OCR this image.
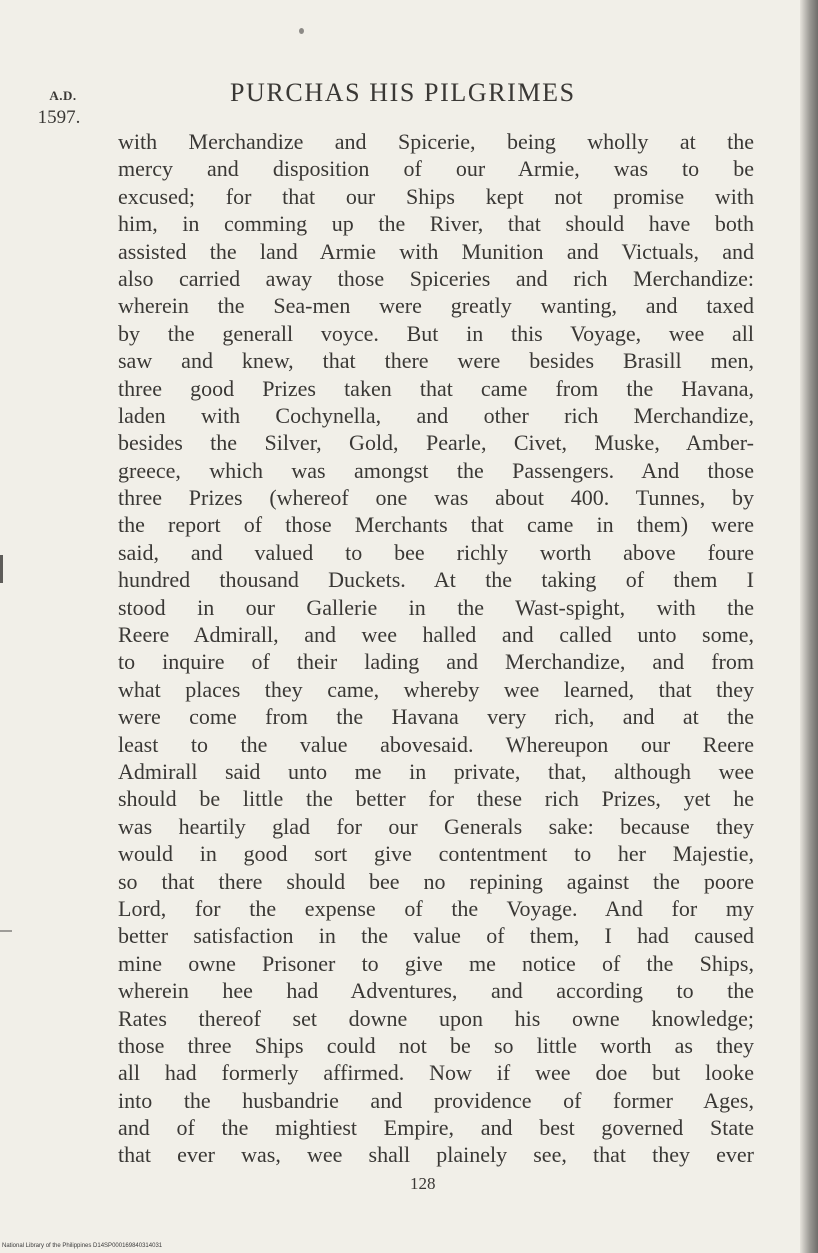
A.D.
1597.
PURCHAS HIS PILGRIMES
with Merchandize and Spicerie, being wholly at the
mercy and disposition of our Armie, was to be
excused; for that our Ships kept not promise with
him, in comming up the River, that should have both
assisted the land Armie with Munition and Victuals, and
also carried away those Spiceries and rich Merchandize:
wherein the Sea-men were greatly wanting, and taxed
by the generall voyce. But in this Voyage, wee all
saw and knew, that there were besides Brasill men,
three good Prizes taken that came from the Havana,
laden with Cochynella, and other rich Merchandize,
besides the Silver, Gold, Pearle, Civet, Muske, Amber-
greece, which was amongst the Passengers. And those
three Prizes (whereof one was about 400. Tunnes, by
the report of those Merchants that came in them) were
said, and valued to bee richly worth above foure
hundred thousand Duckets. At the taking of them I
stood in our Gallerie in the Wast-spight, with the
Reere Admirall, and wee halled and called unto some,
to inquire of their lading and Merchandize, and from
what places they came, whereby wee learned, that they
were come from the Havana very rich, and at the
least to the value abovesaid. Whereupon our Reere
Admirall said unto me in private, that, although wee
should be little the better for these rich Prizes, yet he
was heartily glad for our Generals sake: because they
would in good sort give contentment to her Majestie,
so that there should bee no repining against the poore
Lord, for the expense of the Voyage. And for my
better satisfaction in the value of them, I had caused
mine owne Prisoner to give me notice of the Ships,
wherein hee had Adventures, and according to the
Rates thereof set downe upon his owne knowledge;
those three Ships could not be so little worth as they
all had formerly affirmed. Now if wee doe but looke
into the husbandrie and providence of former Ages,
and of the mightiest Empire, and best governed State
that ever was, wee shall plainely see, that they ever
128
National Library of the Philippines D14SP000169840314031
